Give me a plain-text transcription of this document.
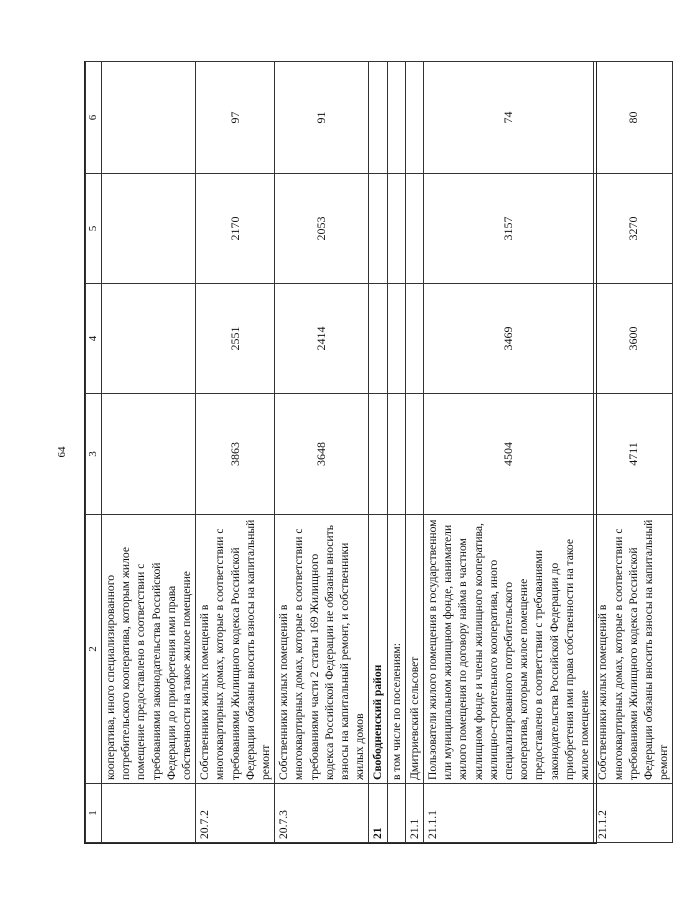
64
1	2	3	4	5	6
	кооператива, иного специализированного потребительского кооператива, которым жилое помещение предоставлено в соответствии с требованиями законодательства Российской Федерации до приобретения ими права собственности на такое жилое помещение				
20.7.2	Собственники жилых помещений в многоквартирных домах, которые в соответствии с требованиями Жилищного кодекса Российской Федерации обязаны вносить взносы на капитальный ремонт	3863	2551	2170	97
20.7.3	Собственники жилых помещений в многоквартирных домах, которые в соответствии с требованиями части 2 статьи 169 Жилищного кодекса Российской Федерации не обязаны вносить взносы на капитальный ремонт, и собственники жилых домов	3648	2414	2053	91
21	Свободненский район				
	в том числе по поселениям:				
21.1	Дмитриевский сельсовет				
21.1.1	Пользователи жилого помещения в государственном или муниципальном жилищном фонде, наниматели жилого помещения по договору найма в частном жилищном фонде и члены жилищного кооператива, жилищно-строительного кооператива, иного специализированного потребительского кооператива, которым жилое помещение предоставлено в соответствии с требованиями законодательства Российской Федерации до приобретения ими права собственности на такое жилое помещение	4504	3469	3157	74
21.1.2	Собственники жилых помещений в многоквартирных домах, которые в соответствии с требованиями Жилищного кодекса Российской Федерации обязаны вносить взносы на капитальный ремонт	4711	3600	3270	80
